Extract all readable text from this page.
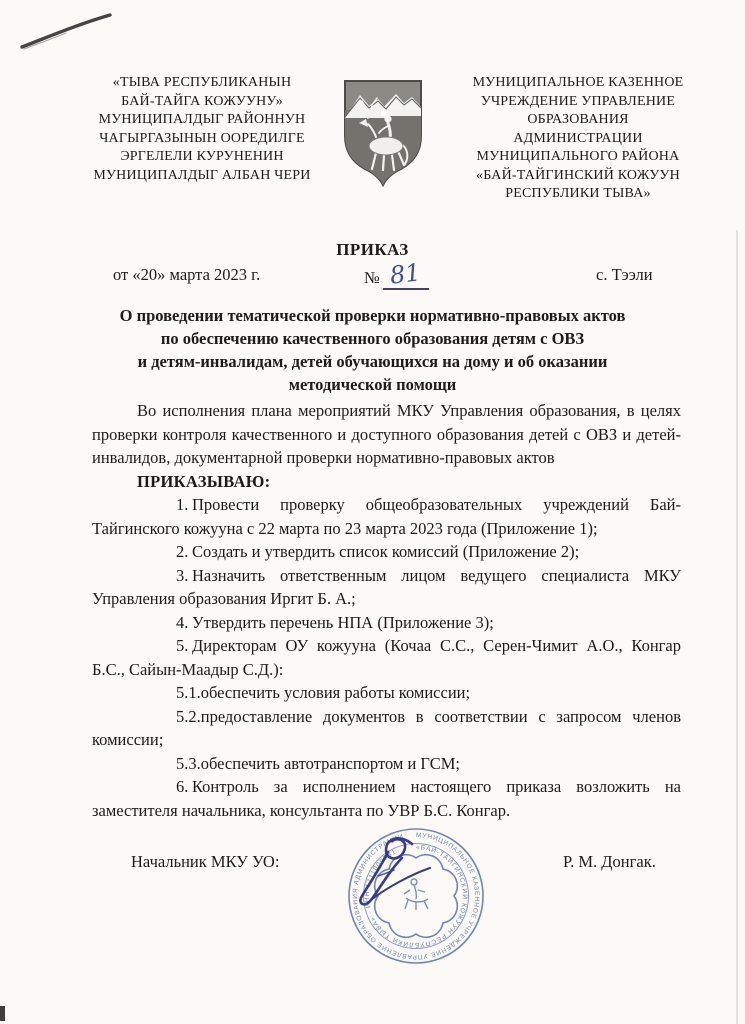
«ТЫВА РЕСПУБЛИКАНЫН
БАЙ-ТАЙГА КОЖУУНУ»
МУНИЦИПАЛДЫГ РАЙОННУН
ЧАГЫРГАЗЫНЫН ООРЕДИЛГЕ
ЭРГЕЛЕЛИ КУРУНЕНИН
МУНИЦИПАЛДЫГ АЛБАН ЧЕРИ
МУНИЦИПАЛЬНОЕ КАЗЕННОЕ
УЧРЕЖДЕНИЕ УПРАВЛЕНИЕ
ОБРАЗОВАНИЯ
АДМИНИСТРАЦИИ
МУНИЦИПАЛЬНОГО РАЙОНА
«БАЙ-ТАЙГИНСКИЙ КОЖУУН
РЕСПУБЛИКИ ТЫВА»
ПРИКАЗ
от «20» марта 2023 г.	№ 81	с. Тээли
О проведении тематической проверки нормативно-правовых актов
по обеспечению качественного образования детям с ОВЗ
и детям-инвалидам, детей обучающихся на дому и об оказании
методической помощи

Во исполнения плана мероприятий МКУ Управления образования, в целях проверки контроля качественного и доступного образования детей с ОВЗ и детей-инвалидов, документарной проверки нормативно-правовых актов

ПРИКАЗЫВАЮ:

1. Провести проверку общеобразовательных учреждений Бай-Тайгинского кожууна с 22 марта по 23 марта 2023 года (Приложение 1);

2. Создать и утвердить список комиссий (Приложение 2);

3. Назначить ответственным лицом ведущего специалиста МКУ Управления образования Иргит Б. А.;

4. Утвердить перечень НПА (Приложение 3);

5. Директорам ОУ кожууна (Кочаа С.С., Серен-Чимит А.О., Конгар Б.С., Сайын-Маадыр С.Д.):

5.1.обеспечить условия работы комиссии;

5.2.предоставление документов в соответствии с запросом членов комиссии;

5.3.обеспечить автотранспортом и ГСМ;

6. Контроль за исполнением настоящего приказа возложить на заместителя начальника, консультанта по УВР Б.С. Конгар.

Начальник МКУ УО:	Р. М. Донгак.
МУНИЦИПАЛЬНОЕ КАЗЕННОЕ УЧРЕЖДЕНИЕ УПРАВЛЕНИЕ ОБРАЗОВАНИЯ АДМИНИСТРАЦИИ
«БАЙ-ТАЙГИНСКИЙ КОЖУУН РЕСПУБЛИКИ ТЫВА» · ИНН 1711000581
